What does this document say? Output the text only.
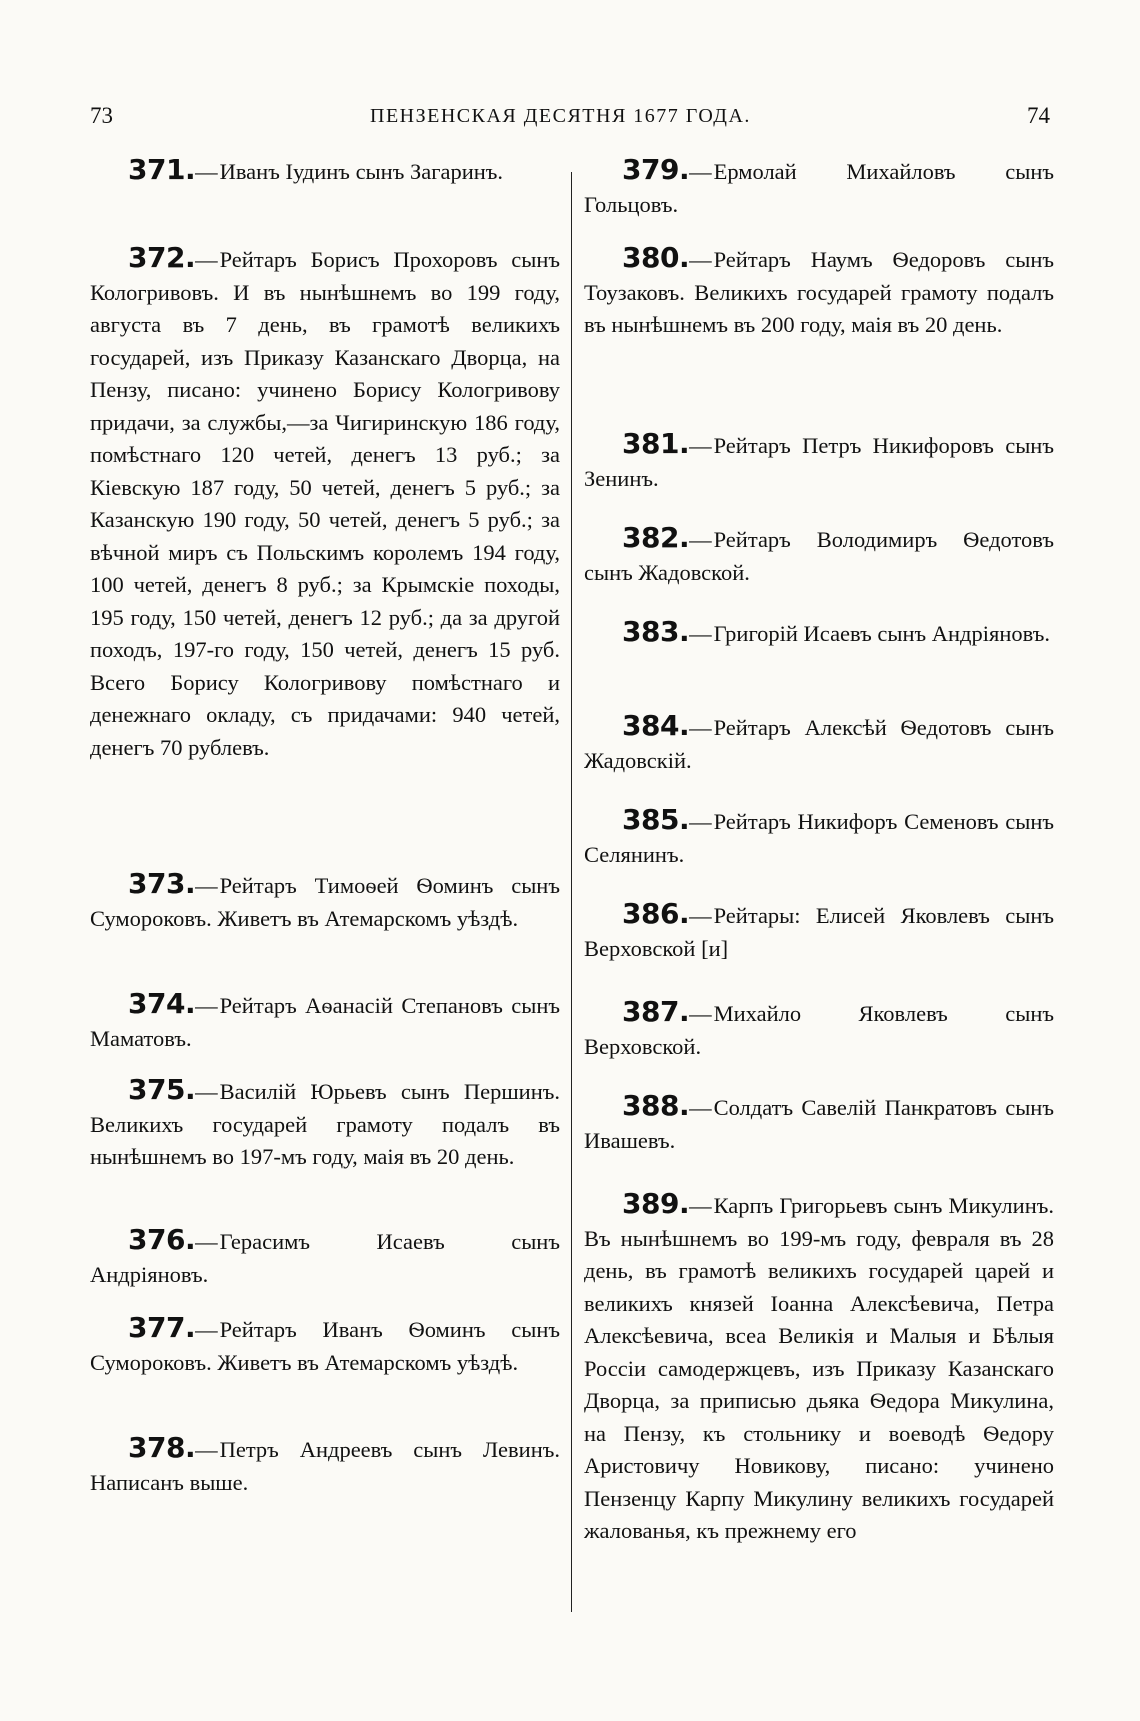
73	ПЕНЗЕНСКАЯ ДЕСЯТНЯ 1677 ГОДА.	74

371.—Иванъ Іудинъ сынъ Загаринъ.

372.—Рейтаръ Борисъ Прохоровъ сынъ Кологривовъ. И въ нынѣшнемъ во 199 году, августа въ 7 день, въ грамотѣ великихъ государей, изъ Приказу Казанскаго Дворца, на Пензу, писано: учинено Борису Кологривову придачи, за службы,—за Чигиринскую 186 году, помѣстнаго 120 четей, денегъ 13 руб.; за Кіевскую 187 году, 50 четей, денегъ 5 руб.; за Казанскую 190 году, 50 четей, денегъ 5 руб.; за вѣчной миръ съ Польскимъ королемъ 194 году, 100 четей, денегъ 8 руб.; за Крымскіе походы, 195 году, 150 четей, денегъ 12 руб.; да за другой походъ, 197-го году, 150 четей, денегъ 15 руб. Всего Борису Кологривову помѣстнаго и денежнаго окладу, съ придачами: 940 четей, денегъ 70 рублевъ.

373.—Рейтаръ Тимоѳей Ѳоминъ сынъ Сумороковъ. Живетъ въ Атемарскомъ уѣздѣ.

374.—Рейтаръ Аѳанасій Степановъ сынъ Маматовъ.

375.—Василій Юрьевъ сынъ Першинъ. Великихъ государей грамоту подалъ въ нынѣшнемъ во 197-мъ году, маія въ 20 день.

376.—Герасимъ Исаевъ сынъ Андріяновъ.

377.—Рейтаръ Иванъ Ѳоминъ сынъ Сумороковъ. Живетъ въ Атемарскомъ уѣздѣ.

378.—Петръ Андреевъ сынъ Левинъ. Написанъ выше.

379.—Ермолай Михайловъ сынъ Гольцовъ.

380.—Рейтаръ Наумъ Ѳедоровъ сынъ Тоузаковъ. Великихъ государей грамоту подалъ въ нынѣшнемъ въ 200 году, маія въ 20 день.

381.—Рейтаръ Петръ Никифоровъ сынъ Зенинъ.

382.—Рейтаръ Володимиръ Ѳедотовъ сынъ Жадовской.

383.—Григорій Исаевъ сынъ Андріяновъ.

384.—Рейтаръ Алексѣй Ѳедотовъ сынъ Жадовскій.

385.—Рейтаръ Никифоръ Семеновъ сынъ Селянинъ.

386.—Рейтары: Елисей Яковлевъ сынъ Верховской [и]

387.—Михайло Яковлевъ сынъ Верховской.

388.—Солдатъ Савелій Панкратовъ сынъ Ивашевъ.

389.—Карпъ Григорьевъ сынъ Микулинъ. Въ нынѣшнемъ во 199-мъ году, февраля въ 28 день, въ грамотѣ великихъ государей царей и великихъ князей Іоанна Алексѣевича, Петра Алексѣевича, всеа Великія и Малыя и Бѣлыя Россіи самодержцевъ, изъ Приказу Казанскаго Дворца, за приписью дьяка Ѳедора Микулина, на Пензу, къ стольнику и воеводѣ Ѳедору Аристовичу Новикову, писано: учинено Пензенцу Карпу Микулину великихъ государей жалованья, къ прежнему его
